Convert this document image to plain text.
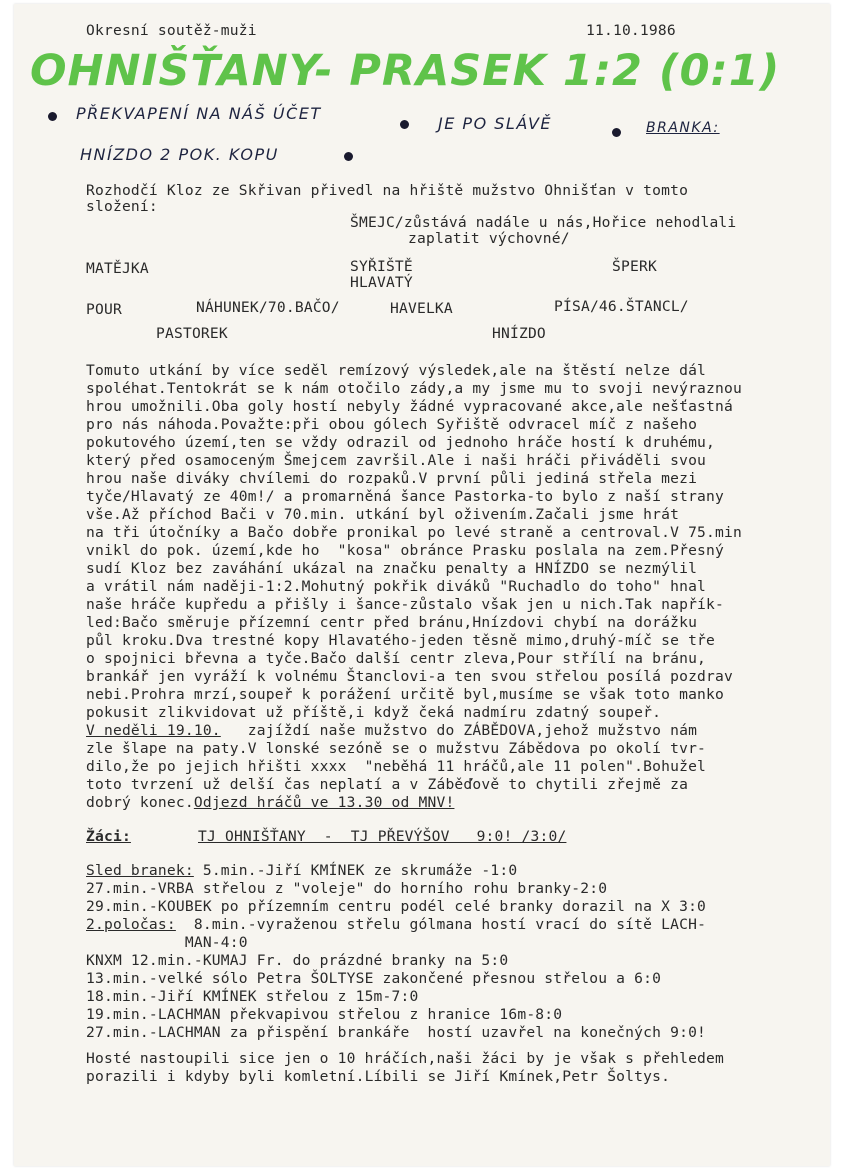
Okresní soutěž-muži	11.10.1986
OHNIŠŤANY- PRASEK 1:2 (0:1)
PŘEKVAPENÍ NA NÁŠ ÚČET
JE PO SLÁVĚ	BRANKA:
HNÍZDO 2 POK. KOPU
Rozhodčí Kloz ze Skřivan přivedl na hřiště mužstvo Ohnišťan v tomto
složení:
ŠMEJC/zůstává nadále u nás,Hořice nehodlali
zaplatit výchovné/
MATĚJKA	SYŘIŠTĚ	ŠPERK
HLAVATÝ
POUR	NÁHUNEK/70.BAČO/	HAVELKA	PÍSA/46.ŠTANCL/
PASTOREK	HNÍZDO
Tomuto utkání by více seděl remízový výsledek,ale na štěstí nelze dál
spoléhat.Tentokrát se k nám otočilo zády,a my jsme mu to svoji nevýraznou
hrou umožnili.Oba goly hostí nebyly žádné vypracované akce,ale nešťastná
pro nás náhoda.Považte:při obou gólech Syřiště odvracel míč z našeho
pokutového území,ten se vždy odrazil od jednoho hráče hostí k druhému,
který před osamoceným Šmejcem završil.Ale i naši hráči přiváděli svou
hrou naše diváky chvílemi do rozpaků.V první půli jediná střela mezi
tyče/Hlavatý ze 40m!/ a promarněná šance Pastorka-to bylo z naší strany
vše.Až příchod Bači v 70.min. utkání byl oživením.Začali jsme hrát
na tři útočníky a Bačo dobře pronikal po levé straně a centroval.V 75.min
vnikl do pok. území,kde ho  "kosa" obránce Prasku poslala na zem.Přesný
sudí Kloz bez zaváhání ukázal na značku penalty a HNÍZDO se nezmýlil
a vrátil nám naději-1:2.Mohutný pokřik diváků "Ruchadlo do toho" hnal
naše hráče kupředu a přišly i šance-zůstalo však jen u nich.Tak napřík-
led:Bačo směruje přízemní centr před bránu,Hnízdovi chybí na dorážku
půl kroku.Dva trestné kopy Hlavatého-jeden těsně mimo,druhý-míč se tře
o spojnici břevna a tyče.Bačo další centr zleva,Pour střílí na bránu,
brankář jen vyráží k volnému Štanclovi-a ten svou střelou posílá pozdrav
nebi.Prohra mrzí,soupeř k porážení určitě byl,musíme se však toto manko
pokusit zlikvidovat už příště,i když čeká nadmíru zdatný soupeř.
V neděli 19.10.   zajíždí naše mužstvo do ZÁBĚDOVA,jehož mužstvo nám
zle šlape na paty.V lonské sezóně se o mužstvu Zábědova po okolí tvr-
dilo,že po jejich hřišti xxxx  "neběhá 11 hráčů,ale 11 polen".Bohužel
toto tvrzení už delší čas neplatí a v Záběďově to chytili zřejmě za
dobrý konec.Odjezd hráčů ve 13.30 od MNV!
Žáci:	TJ OHNIŠŤANY  -  TJ PŘEVÝŠOV   9:0! /3:0/
Sled branek: 5.min.-Jiří KMÍNEK ze skrumáže -1:0
27.min.-VRBA střelou z "voleje" do horního rohu branky-2:0
29.min.-KOUBEK po přízemním centru podél celé branky dorazil na X 3:0
2.poločas:  8.min.-vyraženou střelu gólmana hostí vrací do sítě LACH-
MAN-4:0
KNXM 12.min.-KUMAJ Fr. do prázdné branky na 5:0
13.min.-velké sólo Petra ŠOLTYSE zakončené přesnou střelou a 6:0
18.min.-Jiří KMÍNEK střelou z 15m-7:0
19.min.-LACHMAN překvapivou střelou z hranice 16m-8:0
27.min.-LACHMAN za přispění brankáře  hostí uzavřel na konečných 9:0!
Hosté nastoupili sice jen o 10 hráčích,naši žáci by je však s přehledem
porazili i kdyby byli komletní.Líbili se Jiří Kmínek,Petr Šoltys.
